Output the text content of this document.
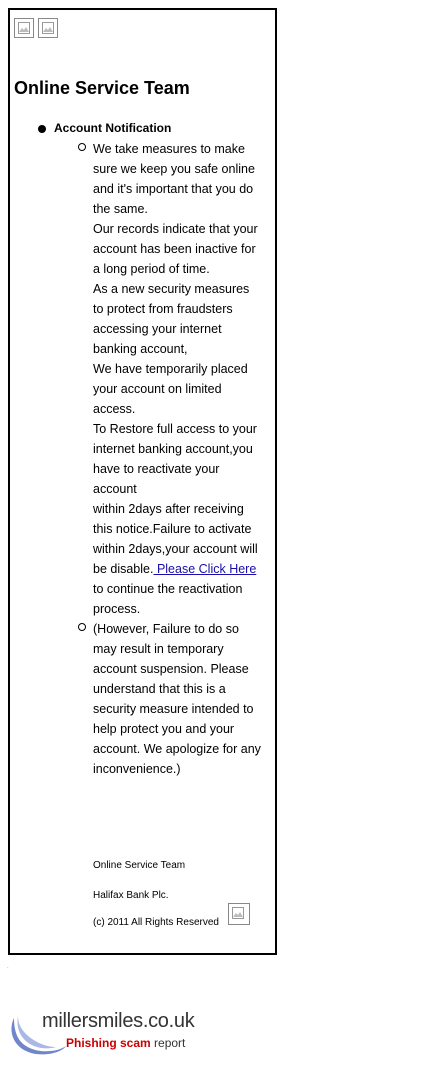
Online Service Team
Account Notification

We take measures to make
sure we keep you safe online
and it's important that you do
the same.
Our records indicate that your
account has been inactive for
a long period of time.
As a new security measures
to protect from fraudsters
accessing your internet
banking account,
We have temporarily placed
your account on limited
access.
To Restore full access to your
internet banking account,you
have to reactivate your
account
within 2days after receiving
this notice.Failure to activate
within 2days,your account will
be disable. Please Click Here
to continue the reactivation
process.

(However, Failure to do so
may result in temporary
account suspension. Please
understand that this is a
security measure intended to
help protect you and your
account. We apologize for any
inconvenience.)

Online Service Team
Halifax Bank Plc.
(c) 2011 All Rights Reserved
.
millersmiles.co.uk
Phishing scam report
